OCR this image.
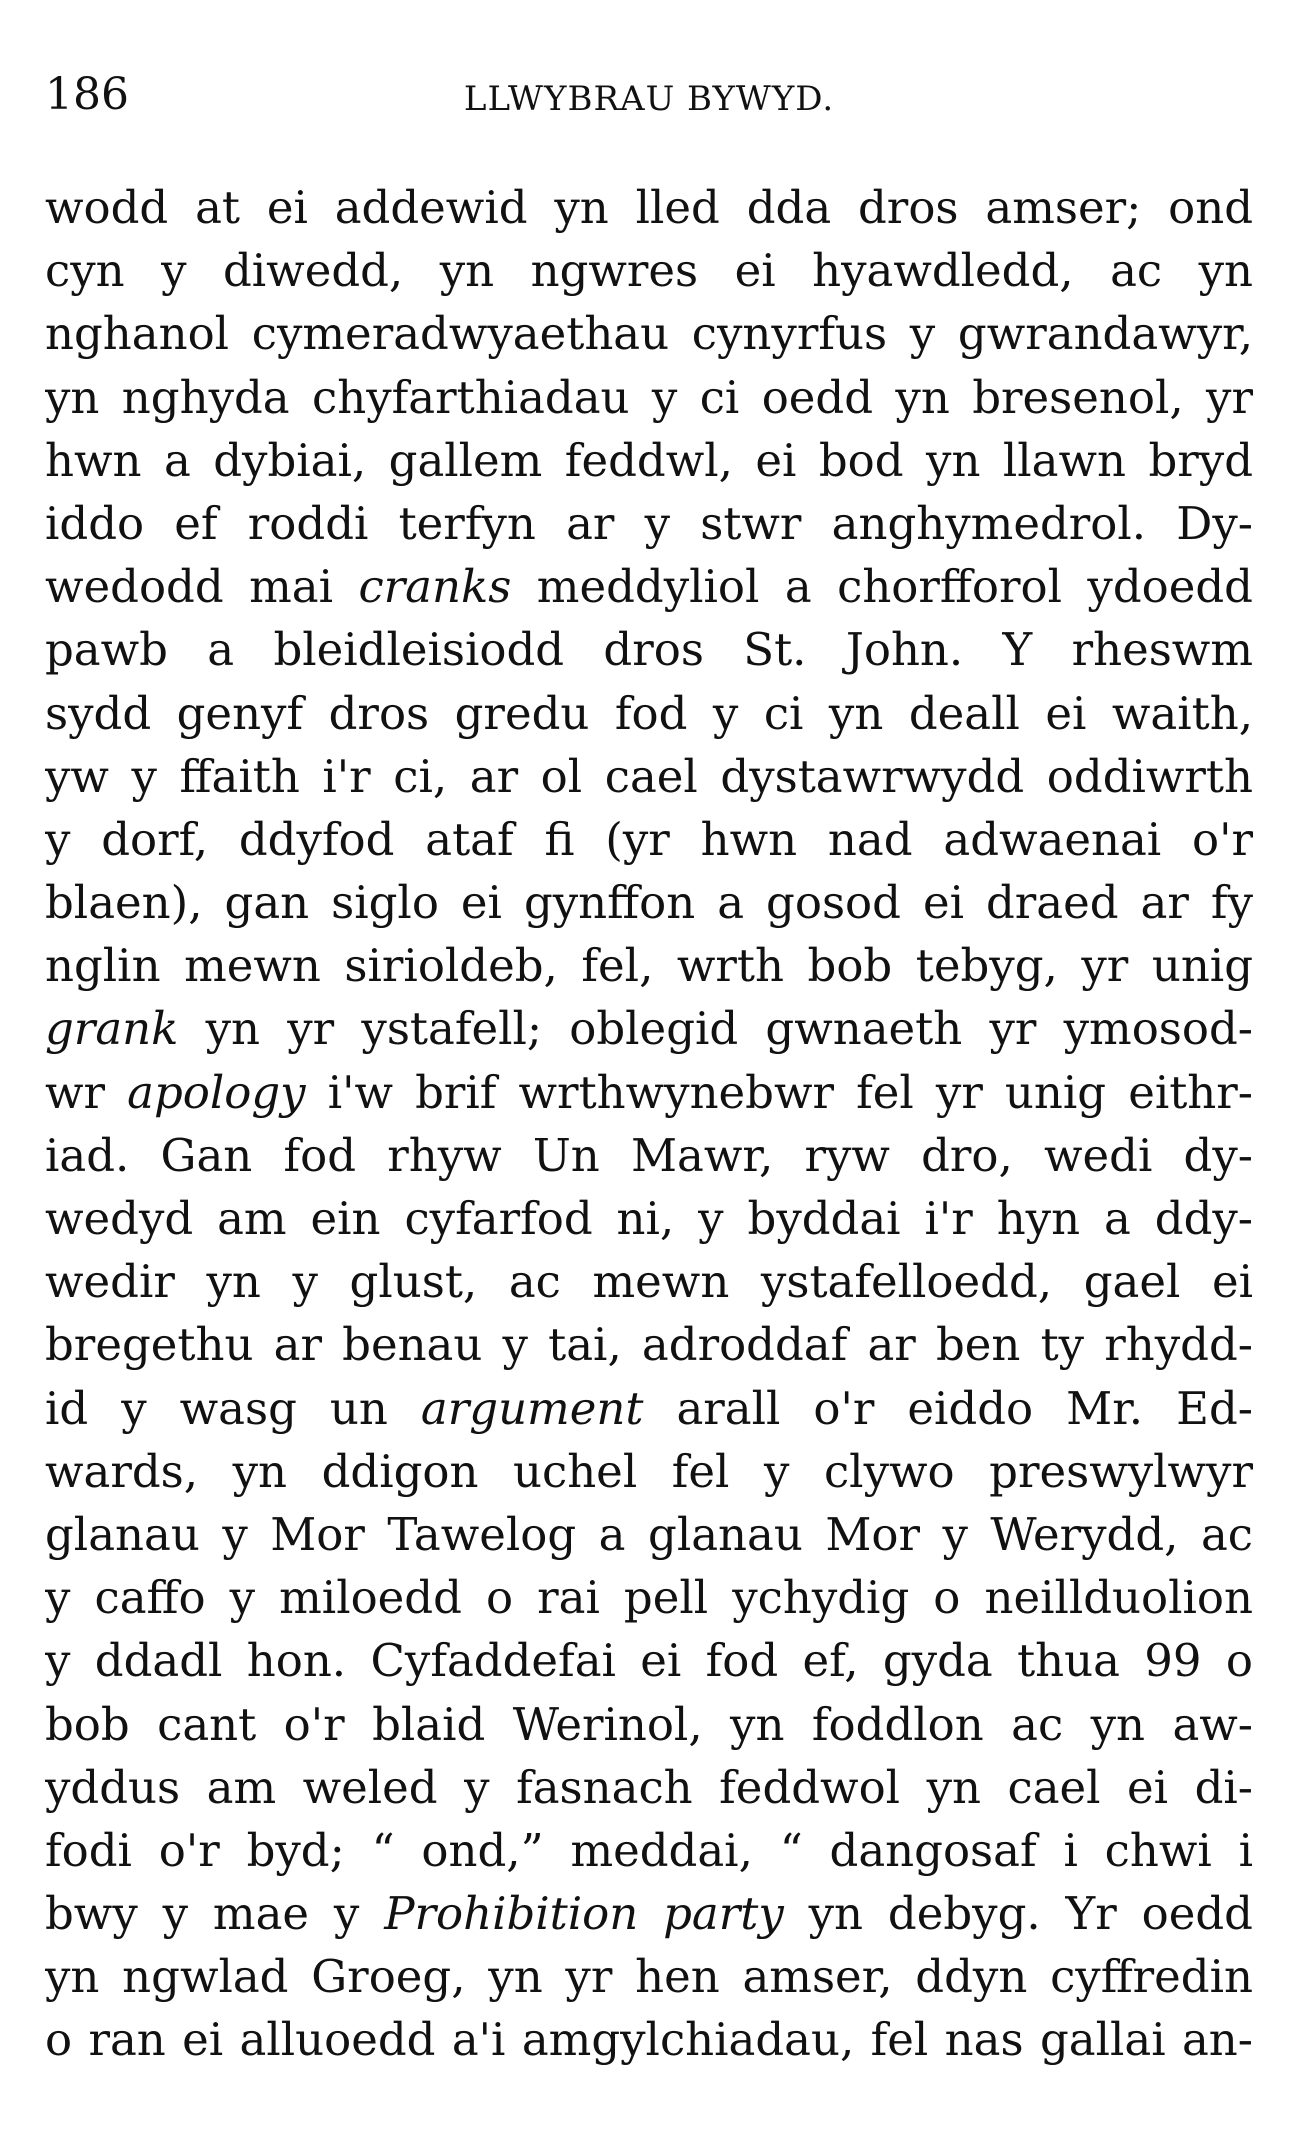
186	LLWYBRAU BYWYD.
wodd at ei addewid yn lled dda dros amser; ond
cyn y diwedd, yn ngwres ei hyawdledd, ac yn
nghanol cymeradwyaethau cynyrfus y gwrandawyr,
yn nghyda chyfarthiadau y ci oedd yn bresenol, yr
hwn a dybiai, gallem feddwl, ei bod yn llawn bryd
iddo ef roddi terfyn ar y stwr anghymedrol. Dy-
wedodd mai cranks meddyliol a chorfforol ydoedd
pawb a bleidleisiodd dros St. John. Y rheswm
sydd genyf dros gredu fod y ci yn deall ei waith,
yw y ffaith i'r ci, ar ol cael dystawrwydd oddiwrth
y dorf, ddyfod ataf fi (yr hwn nad adwaenai o'r
blaen), gan siglo ei gynffon a gosod ei draed ar fy
nglin mewn sirioldeb, fel, wrth bob tebyg, yr unig
grank yn yr ystafell; oblegid gwnaeth yr ymosod-
wr apology i'w brif wrthwynebwr fel yr unig eithr-
iad. Gan fod rhyw Un Mawr, ryw dro, wedi dy-
wedyd am ein cyfarfod ni, y byddai i'r hyn a ddy-
wedir yn y glust, ac mewn ystafelloedd, gael ei
bregethu ar benau y tai, adroddaf ar ben ty rhydd-
id y wasg un argument arall o'r eiddo Mr. Ed-
wards, yn ddigon uchel fel y clywo preswylwyr
glanau y Mor Tawelog a glanau Mor y Werydd, ac
y caffo y miloedd o rai pell ychydig o neillduolion
y ddadl hon. Cyfaddefai ei fod ef, gyda thua 99 o
bob cant o'r blaid Werinol, yn foddlon ac yn aw-
yddus am weled y fasnach feddwol yn cael ei di-
fodi o'r byd; “ ond,” meddai, “ dangosaf i chwi i
bwy y mae y Prohibition party yn debyg. Yr oedd
yn ngwlad Groeg, yn yr hen amser, ddyn cyffredin
o ran ei alluoedd a'i amgylchiadau, fel nas gallai an-
